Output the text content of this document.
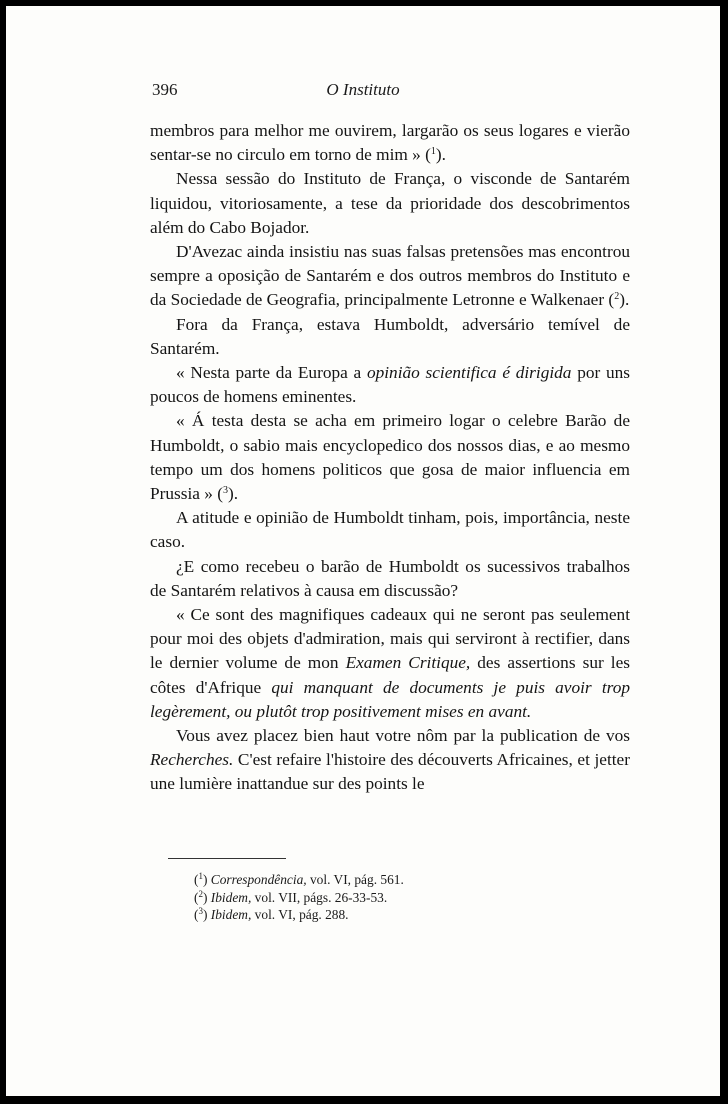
396	O Instituto

membros para melhor me ouvirem, largarão os seus logares e vierão sentar-se no circulo em torno de mim » ($^1$).

Nessa sessão do Instituto de França, o visconde de Santarém liquidou, vitoriosamente, a tese da prioridade dos descobrimentos além do Cabo Bojador.

D'Avezac ainda insistiu nas suas falsas pretensões mas encontrou sempre a oposição de Santarém e dos outros membros do Instituto e da Sociedade de Geografia, principalmente Letronne e Walkenaer ($^2$).

Fora da França, estava Humboldt, adversário temível de Santarém.

« Nesta parte da Europa a opinião scientifica é dirigida por uns poucos de homens eminentes.

« Á testa desta se acha em primeiro logar o celebre Barão de Humboldt, o sabio mais encyclopedico dos nossos dias, e ao mesmo tempo um dos homens politicos que gosa de maior influencia em Prussia » ($^3$).

A atitude e opinião de Humboldt tinham, pois, importância, neste caso.

¿E como recebeu o barão de Humboldt os sucessivos trabalhos de Santarém relativos à causa em discussão?

« Ce sont des magnifiques cadeaux qui ne seront pas seulement pour moi des objets d'admiration, mais qui serviront à rectifier, dans le dernier volume de mon Examen Critique, des assertions sur les côtes d'Afrique qui manquant de documents je puis avoir trop legèrement, ou plutôt trop positivement mises en avant.

Vous avez placez bien haut votre nôm par la publication de vos Recherches. C'est refaire l'histoire des découverts Africaines, et jetter une lumière inattandue sur des points le

($^1$) Correspondência, vol. VI, pág. 561.
($^2$) Ibidem, vol. VII, págs. 26-33-53.
($^3$) Ibidem, vol. VI, pág. 288.
